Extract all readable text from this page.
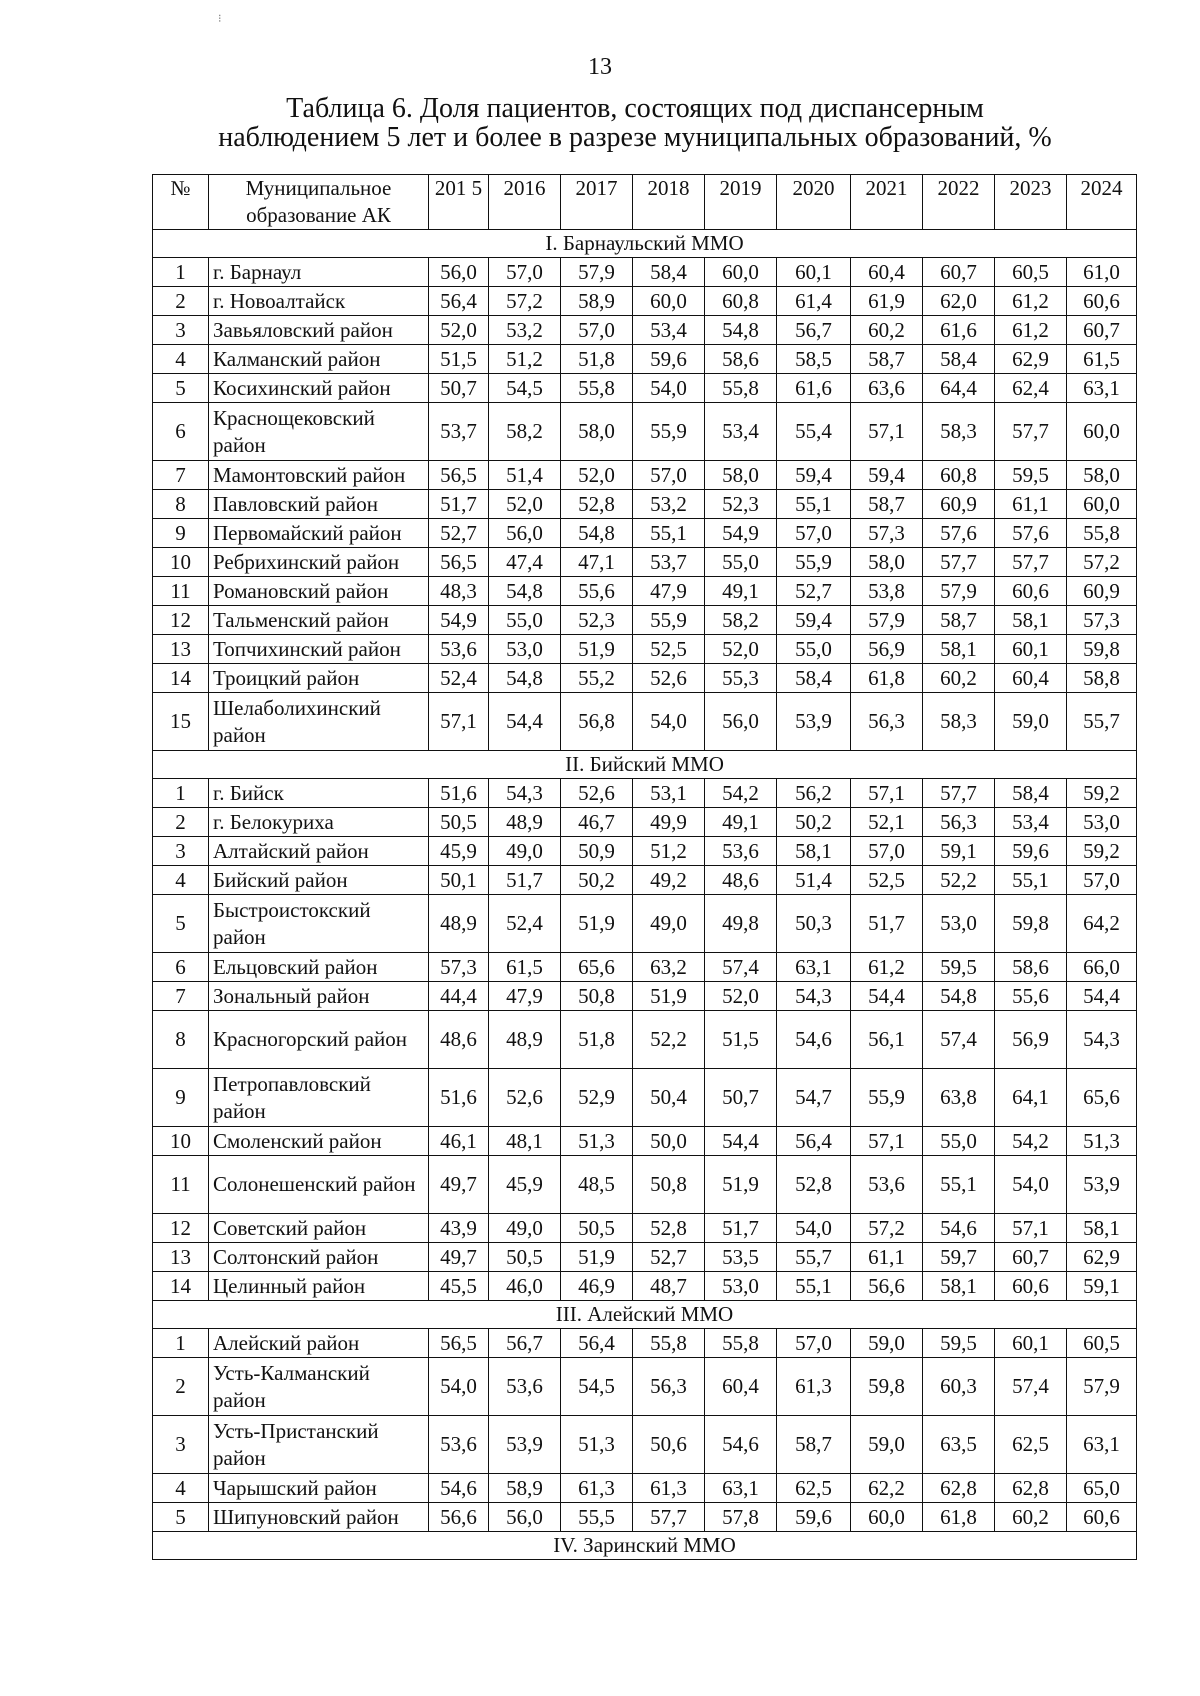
⁝
13
Таблица 6. Доля пациентов, состоящих под диспансерным
наблюдением 5 лет и более в разрезе муниципальных образований, %
№	Муниципальное образование АК	201 5	2016	2017	2018	2019	2020	2021	2022	2023	2024
I. Барнаульский ММО											
1	г. Барнаул	56,0	57,0	57,9	58,4	60,0	60,1	60,4	60,7	60,5	61,0
2	г. Новоалтайск	56,4	57,2	58,9	60,0	60,8	61,4	61,9	62,0	61,2	60,6
3	Завьяловский район	52,0	53,2	57,0	53,4	54,8	56,7	60,2	61,6	61,2	60,7
4	Калманский район	51,5	51,2	51,8	59,6	58,6	58,5	58,7	58,4	62,9	61,5
5	Косихинский район	50,7	54,5	55,8	54,0	55,8	61,6	63,6	64,4	62,4	63,1
6	Краснощековский район	53,7	58,2	58,0	55,9	53,4	55,4	57,1	58,3	57,7	60,0
7	Мамонтовский район	56,5	51,4	52,0	57,0	58,0	59,4	59,4	60,8	59,5	58,0
8	Павловский район	51,7	52,0	52,8	53,2	52,3	55,1	58,7	60,9	61,1	60,0
9	Первомайский район	52,7	56,0	54,8	55,1	54,9	57,0	57,3	57,6	57,6	55,8
10	Ребрихинский район	56,5	47,4	47,1	53,7	55,0	55,9	58,0	57,7	57,7	57,2
11	Романовский район	48,3	54,8	55,6	47,9	49,1	52,7	53,8	57,9	60,6	60,9
12	Тальменский район	54,9	55,0	52,3	55,9	58,2	59,4	57,9	58,7	58,1	57,3
13	Топчихинский район	53,6	53,0	51,9	52,5	52,0	55,0	56,9	58,1	60,1	59,8
14	Троицкий район	52,4	54,8	55,2	52,6	55,3	58,4	61,8	60,2	60,4	58,8
15	Шелаболихинский район	57,1	54,4	56,8	54,0	56,0	53,9	56,3	58,3	59,0	55,7
II. Бийский ММО											
1	г. Бийск	51,6	54,3	52,6	53,1	54,2	56,2	57,1	57,7	58,4	59,2
2	г. Белокуриха	50,5	48,9	46,7	49,9	49,1	50,2	52,1	56,3	53,4	53,0
3	Алтайский район	45,9	49,0	50,9	51,2	53,6	58,1	57,0	59,1	59,6	59,2
4	Бийский район	50,1	51,7	50,2	49,2	48,6	51,4	52,5	52,2	55,1	57,0
5	Быстроистокский район	48,9	52,4	51,9	49,0	49,8	50,3	51,7	53,0	59,8	64,2
6	Ельцовский район	57,3	61,5	65,6	63,2	57,4	63,1	61,2	59,5	58,6	66,0
7	Зональный район	44,4	47,9	50,8	51,9	52,0	54,3	54,4	54,8	55,6	54,4
8	Красногорский район	48,6	48,9	51,8	52,2	51,5	54,6	56,1	57,4	56,9	54,3
9	Петропавловский район	51,6	52,6	52,9	50,4	50,7	54,7	55,9	63,8	64,1	65,6
10	Смоленский район	46,1	48,1	51,3	50,0	54,4	56,4	57,1	55,0	54,2	51,3
11	Солонешенский район	49,7	45,9	48,5	50,8	51,9	52,8	53,6	55,1	54,0	53,9
12	Советский район	43,9	49,0	50,5	52,8	51,7	54,0	57,2	54,6	57,1	58,1
13	Солтонский район	49,7	50,5	51,9	52,7	53,5	55,7	61,1	59,7	60,7	62,9
14	Целинный район	45,5	46,0	46,9	48,7	53,0	55,1	56,6	58,1	60,6	59,1
III. Алейский ММО											
1	Алейский район	56,5	56,7	56,4	55,8	55,8	57,0	59,0	59,5	60,1	60,5
2	Усть-Калманский район	54,0	53,6	54,5	56,3	60,4	61,3	59,8	60,3	57,4	57,9
3	Усть-Пристанский район	53,6	53,9	51,3	50,6	54,6	58,7	59,0	63,5	62,5	63,1
4	Чарышский район	54,6	58,9	61,3	61,3	63,1	62,5	62,2	62,8	62,8	65,0
5	Шипуновский район	56,6	56,0	55,5	57,7	57,8	59,6	60,0	61,8	60,2	60,6
IV. Заринский ММО											
